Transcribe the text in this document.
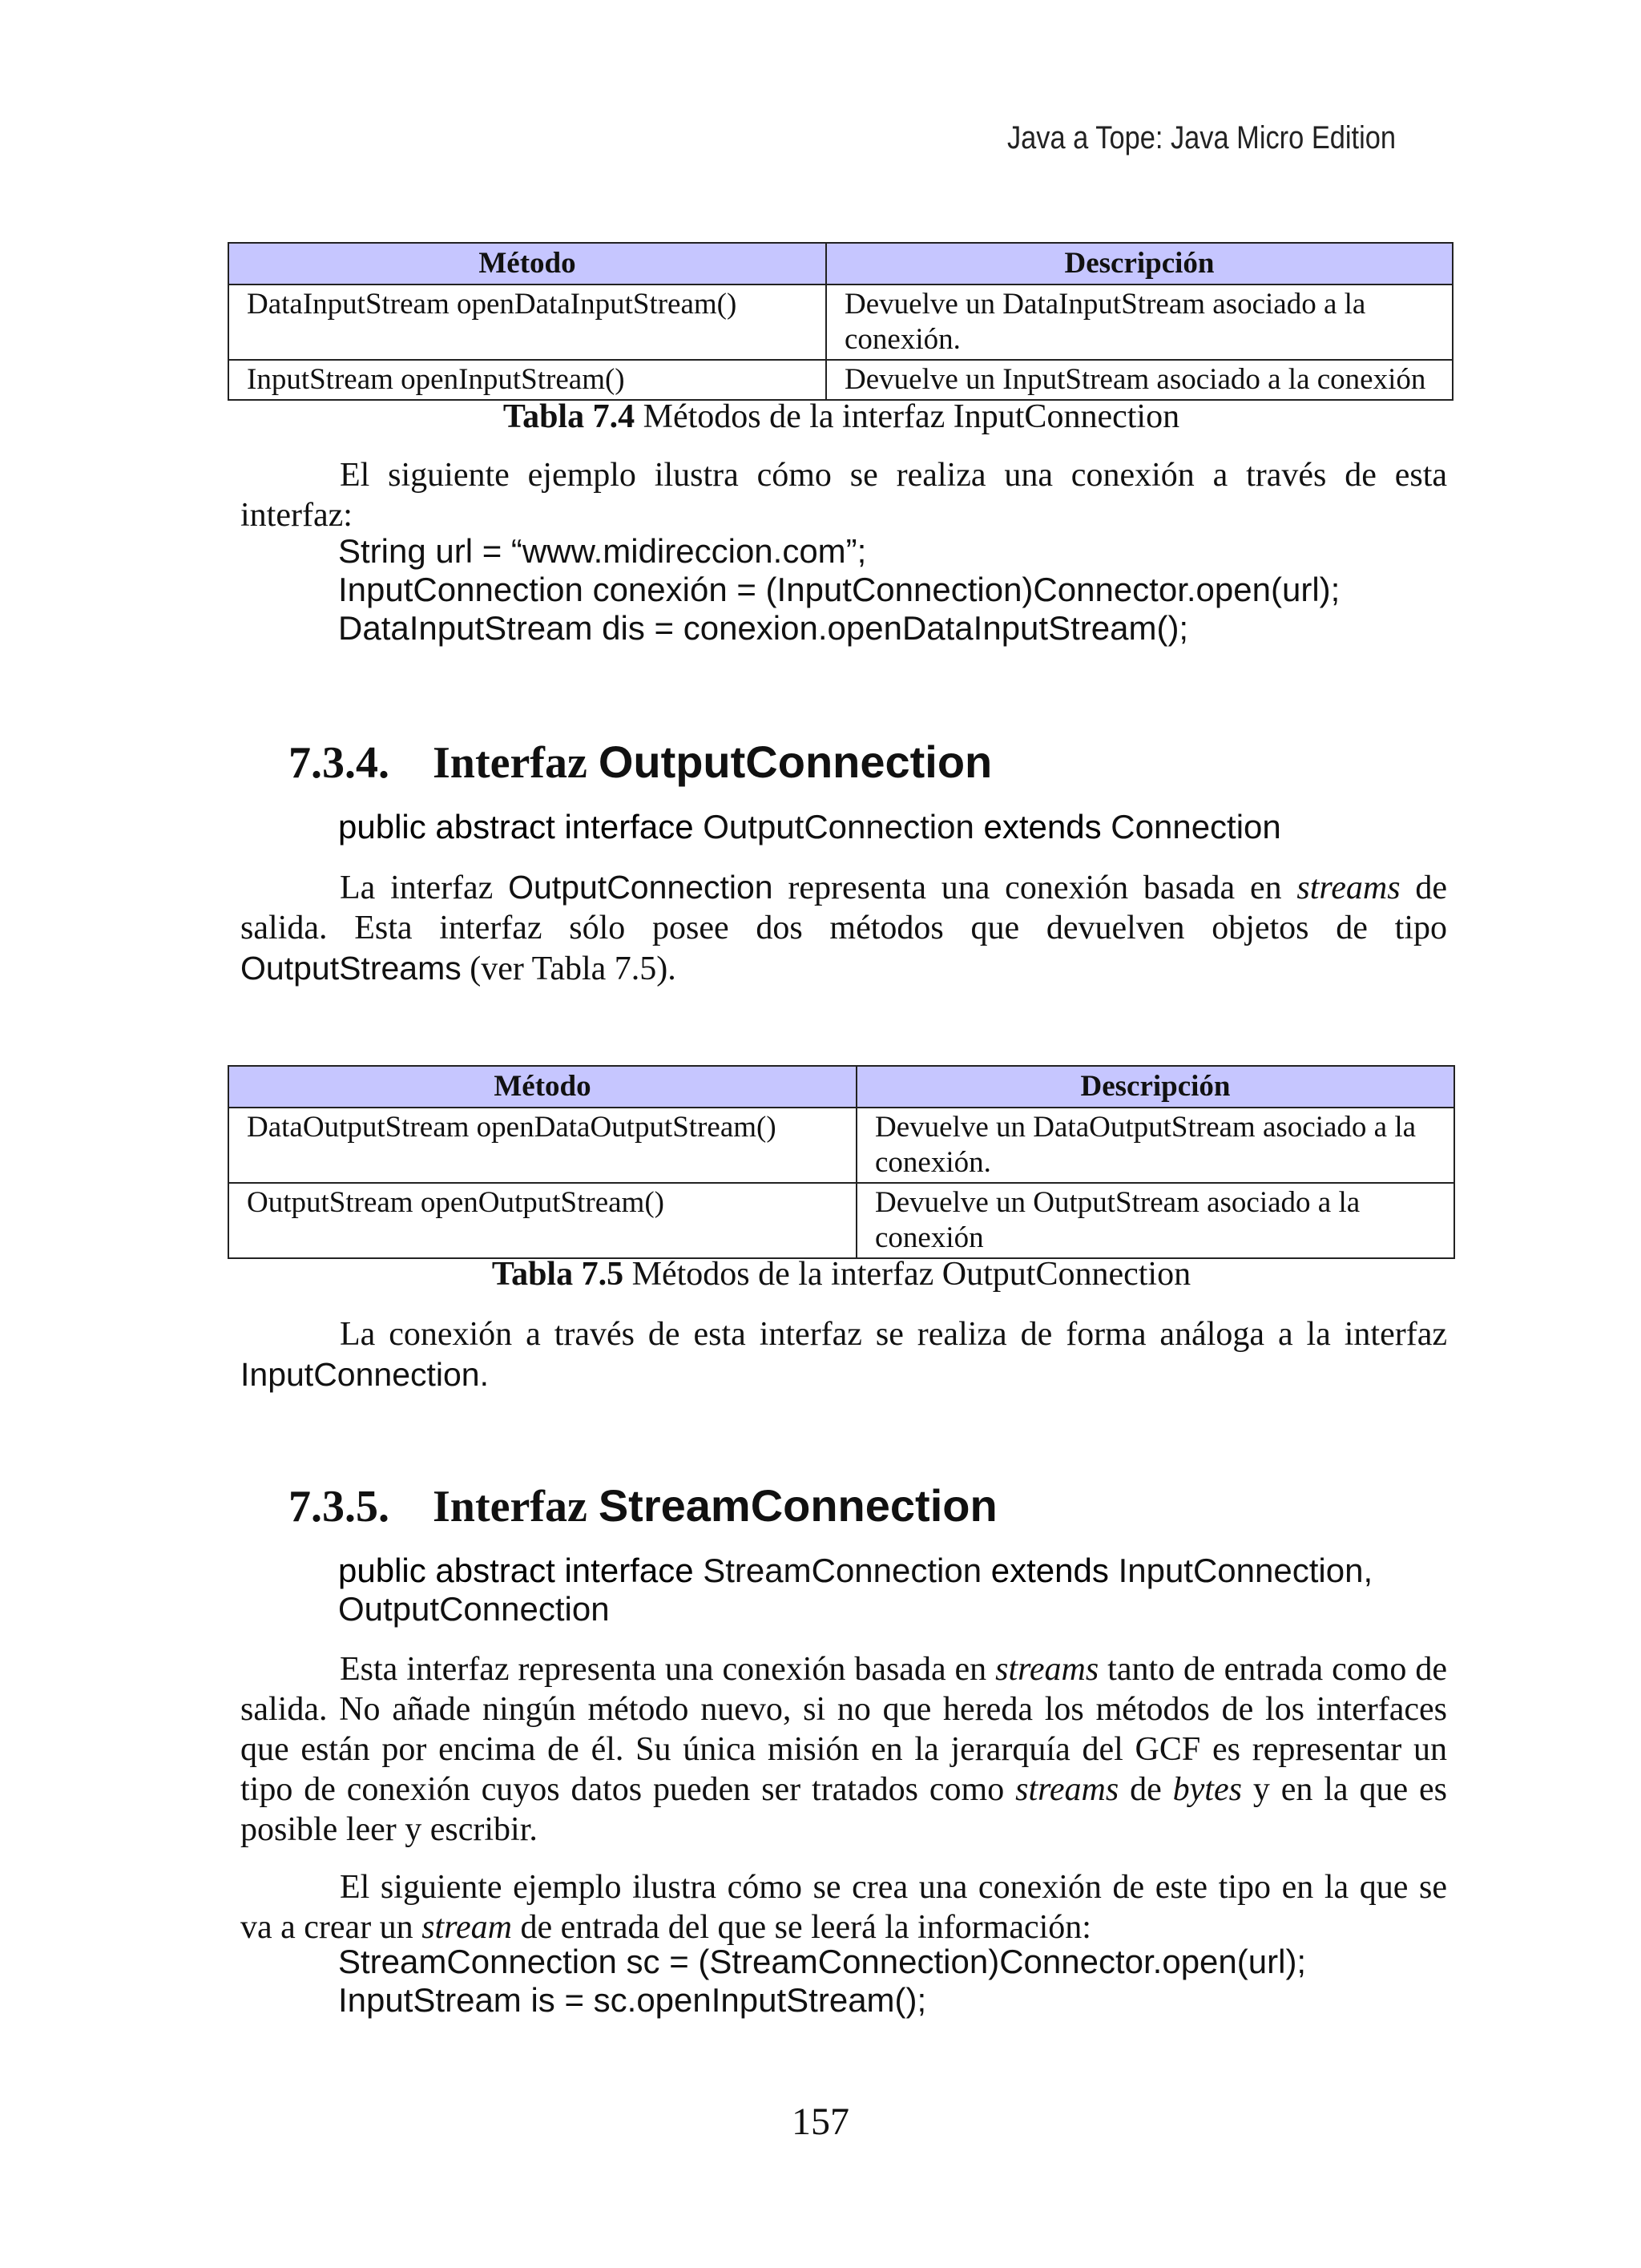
Java a Tope: Java Micro Edition
Método	Descripción
DataInputStream openDataInputStream()	Devuelve un DataInputStream asociado a la conexión.
InputStream openInputStream()	Devuelve un InputStream asociado a la conexión
Tabla 7.4 Métodos de la interfaz InputConnection
El siguiente ejemplo ilustra cómo se realiza una conexión a través de esta interfaz:
String url = “www.midireccion.com”;
InputConnection conexión = (InputConnection)Connector.open(url);
DataInputStream dis = conexion.openDataInputStream();
7.3.4. Interfaz OutputConnection
public abstract interface OutputConnection extends Connection
La interfaz OutputConnection representa una conexión basada en streams de salida. Esta interfaz sólo posee dos métodos que devuelven objetos de tipo OutputStreams (ver Tabla 7.5).
Método	Descripción
DataOutputStream openDataOutputStream()	Devuelve un DataOutputStream asociado a la conexión.
OutputStream openOutputStream()	Devuelve un OutputStream asociado a la conexión
Tabla 7.5 Métodos de la interfaz OutputConnection
La conexión a través de esta interfaz se realiza de forma análoga a la interfaz InputConnection.
7.3.5. Interfaz StreamConnection
public abstract interface StreamConnection extends InputConnection, OutputConnection
Esta interfaz representa una conexión basada en streams tanto de entrada como de salida. No añade ningún método nuevo, si no que hereda los métodos de los interfaces que están por encima de él. Su única misión en la jerarquía del GCF es representar un tipo de conexión cuyos datos pueden ser tratados como streams de bytes y en la que es posible leer y escribir.
El siguiente ejemplo ilustra cómo se crea una conexión de este tipo en la que se va a crear un stream de entrada del que se leerá la información:
StreamConnection sc = (StreamConnection)Connector.open(url);
InputStream is = sc.openInputStream();
157
